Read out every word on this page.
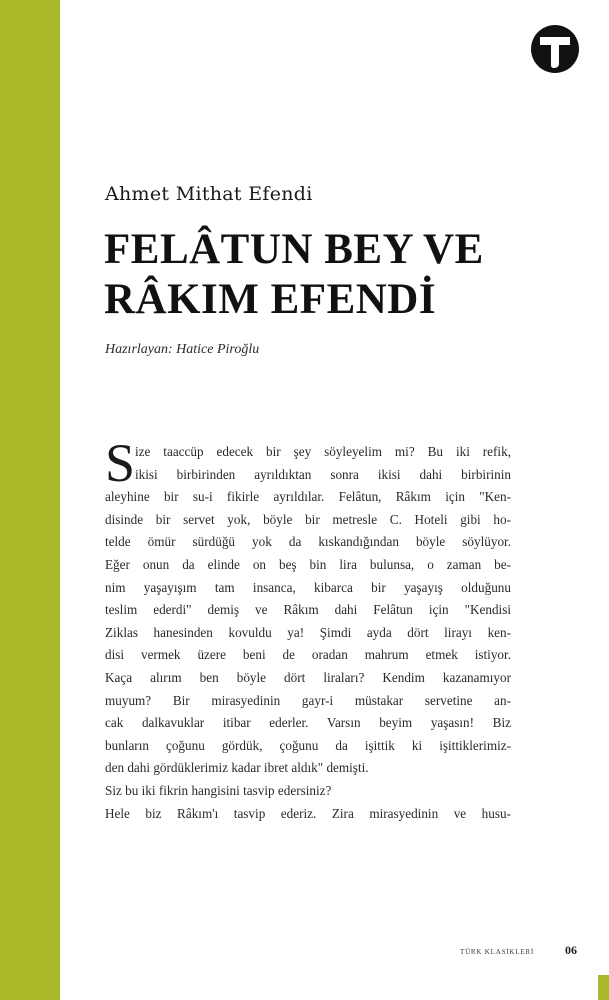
Ahmet Mithat Efendi
FELÂTUN BEY VE
RÂKIM EFENDİ
Hazırlayan: Hatice Piroğlu
S ize taaccüp edecek bir şey söyleyelim mi? Bu iki refik,
ikisi birbirinden ayrıldıktan sonra ikisi dahi birbirinin
aleyhine bir su-i fikirle ayrıldılar. Felâtun, Râkım için "Ken-
disinde bir servet yok, böyle bir metresle C. Hoteli gibi ho-
telde ömür sürdüğü yok da kıskandığından böyle söylüyor.
Eğer onun da elinde on beş bin lira bulunsa, o zaman be-
nim yaşayışım tam insanca, kibarca bir yaşayış olduğunu
teslim ederdi" demiş ve Râkım dahi Felâtun için "Kendisi
Ziklas hanesinden kovuldu ya! Şimdi ayda dört lirayı ken-
disi vermek üzere beni de oradan mahrum etmek istiyor.
Kaça alırım ben böyle dört liraları? Kendim kazanamıyor
muyum? Bir mirasyedinin gayr-i müstakar servetine an-
cak dalkavuklar itibar ederler. Varsın beyim yaşasın! Biz
bunların çoğunu gördük, çoğunu da işittik ki işittiklerimiz-
den dahi gördüklerimiz kadar ibret aldık" demişti.
Siz bu iki fikrin hangisini tasvip edersiniz?
Hele biz Râkım'ı tasvip ederiz. Zira mirasyedinin ve husu-
TÜRK KLASİKLERİ	06
